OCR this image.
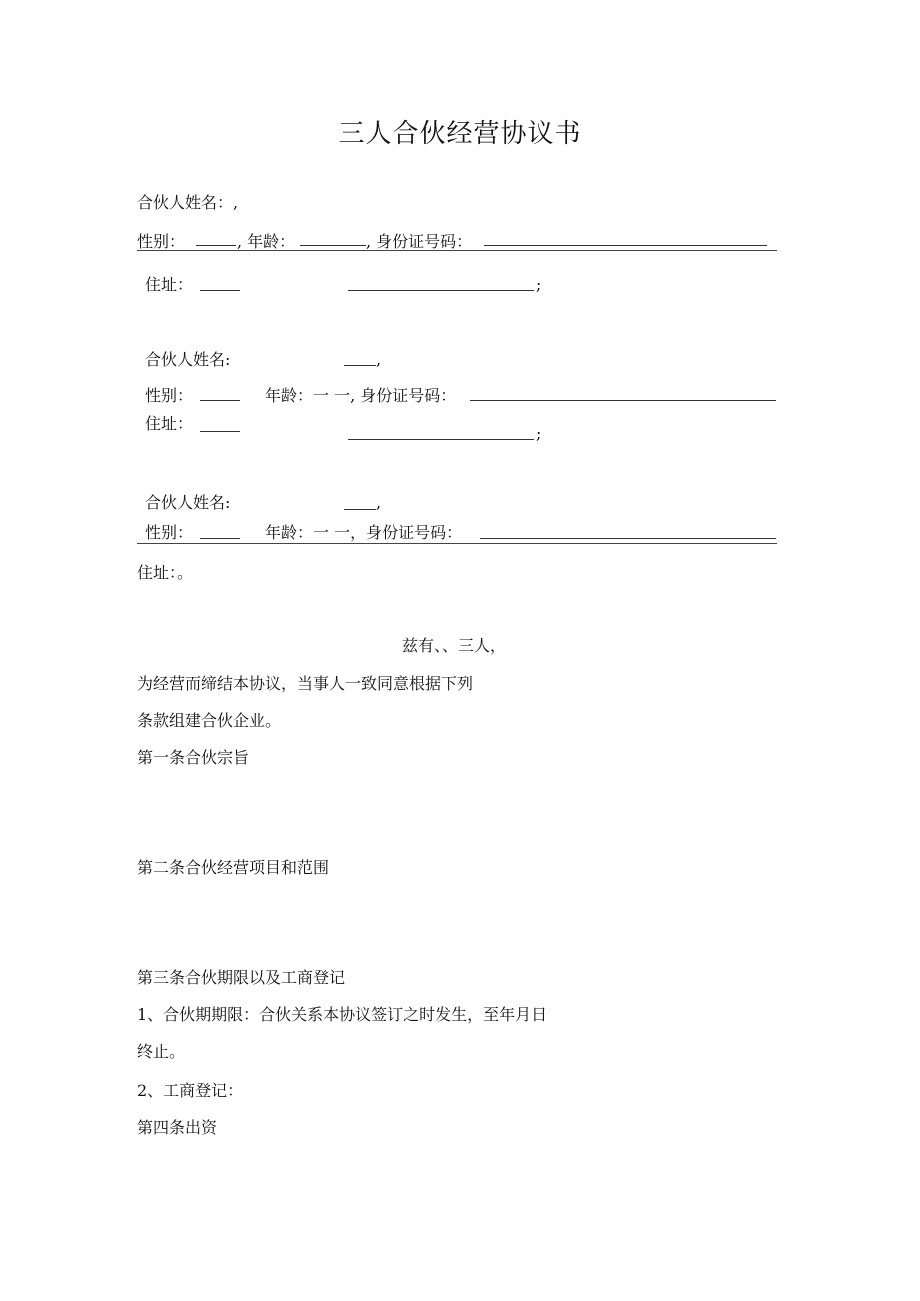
三人合伙经营协议书
合伙人姓名：,
性别：	, 年龄：	, 身份证号码：
住址：	;
合伙人姓名:	,
性别：	年龄：一 一, 身份证号码：
住址：
;
合伙人姓名:	,
性别：	年龄：一 一，身份证号码：
住址：。
兹有、、三人，
为经营而缔结本协议，当事人一致同意根据下列
条款组建合伙企业。
第一条合伙宗旨
第二条合伙经营项目和范围
第三条合伙期限以及工商登记
1、合伙期期限：合伙关系本协议签订之时发生，至年月日
终止。
2、工商登记：
第四条出资
